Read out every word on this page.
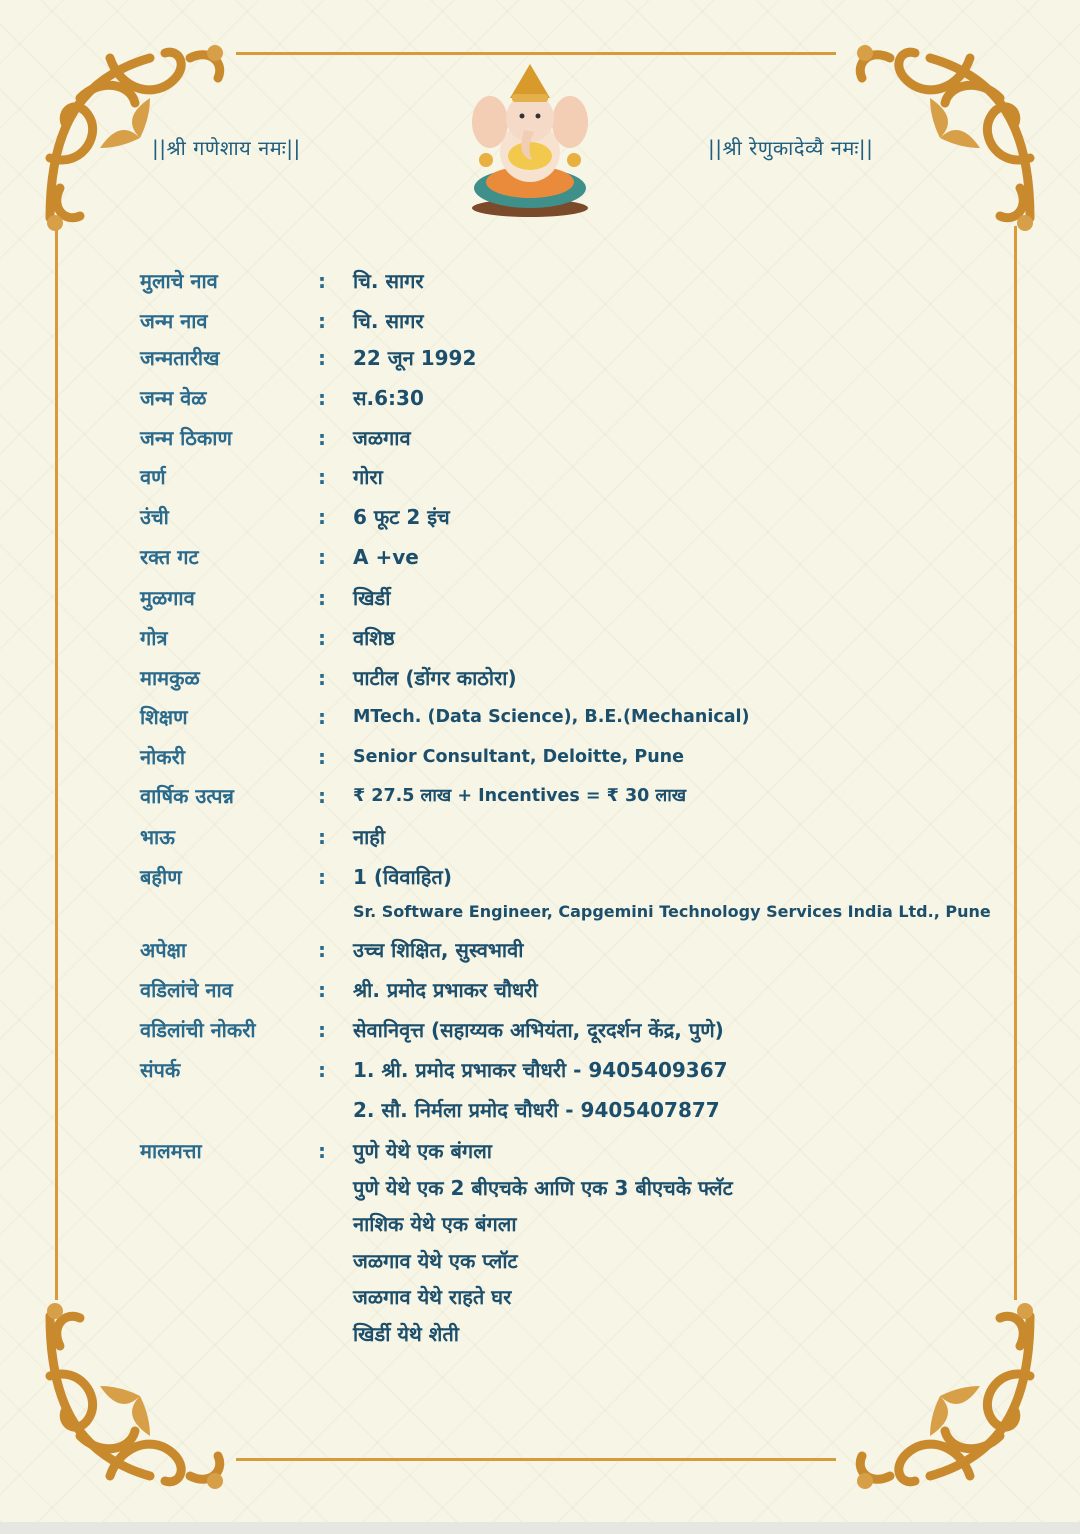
||श्री गणेशाय नमः||	||श्री रेणुकादेव्यै नमः||
मुलाचे नाव	: चि. सागर
जन्म नाव	: चि. सागर
जन्मतारीख	: 22 जून 1992
जन्म वेळ	: स.6:30
जन्म ठिकाण	: जळगाव
वर्ण	: गोरा
उंची	: 6 फूट 2 इंच
रक्त गट	: A +ve
मुळगाव	: खिर्डी
गोत्र	: वशिष्ठ
मामकुळ	: पाटील (डोंगर काठोरा)
शिक्षण	: MTech. (Data Science), B.E.(Mechanical)
नोकरी	: Senior Consultant, Deloitte, Pune
वार्षिक उत्पन्न	: ₹ 27.5 लाख + Incentives = ₹ 30 लाख
भाऊ	: नाही
बहीण	: 1 (विवाहित)
Sr. Software Engineer, Capgemini Technology Services India Ltd., Pune
अपेक्षा	: उच्च शिक्षित, सुस्वभावी
वडिलांचे नाव	: श्री. प्रमोद प्रभाकर चौधरी
वडिलांची नोकरी	: सेवानिवृत्त (सहाय्यक अभियंता, दूरदर्शन केंद्र, पुणे)
संपर्क	: 1. श्री. प्रमोद प्रभाकर चौधरी - 9405409367
2. सौ. निर्मला प्रमोद चौधरी - 9405407877
मालमत्ता	: पुणे येथे एक बंगला
पुणे येथे एक 2 बीएचके आणि एक 3 बीएचके फ्लॅट
नाशिक येथे एक बंगला
जळगाव येथे एक प्लॉट
जळगाव येथे राहते घर
खिर्डी येथे शेती
